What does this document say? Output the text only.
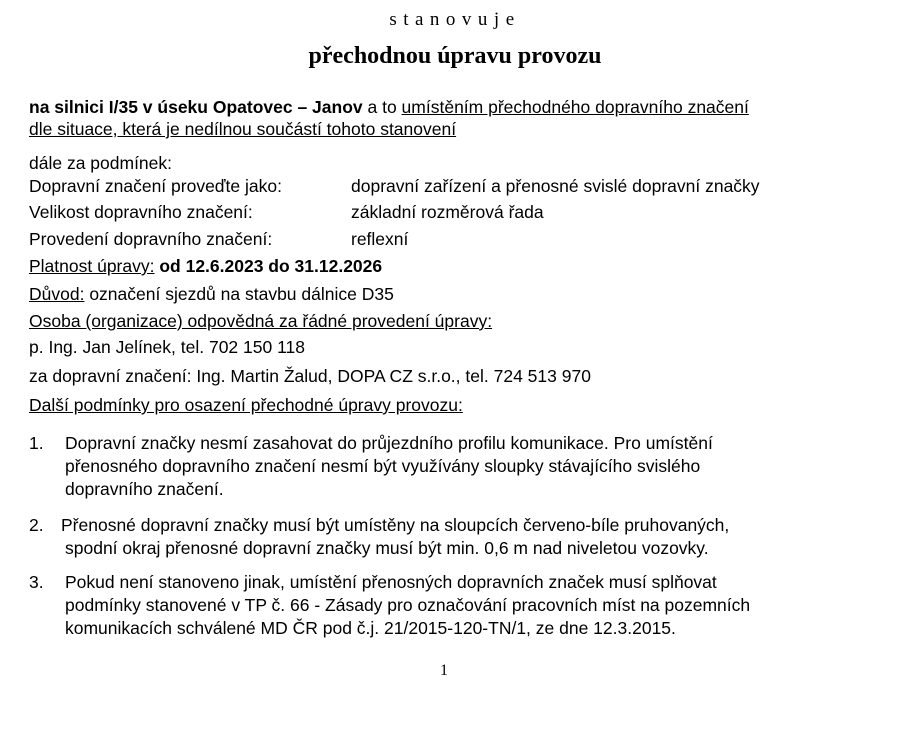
stanovuje
přechodnou úpravu provozu
na silnici I/35 v úseku Opatovec – Janov a to umístěním přechodného dopravního značení
dle situace, která je nedílnou součástí tohoto stanovení
dále za podmínek:
Dopravní značení proveďte jako:	dopravní zařízení a přenosné svislé dopravní značky
Velikost dopravního značení:	základní rozměrová řada
Provedení dopravního značení:	reflexní
Platnost úpravy: od 12.6.2023 do 31.12.2026
Důvod: označení sjezdů na stavbu dálnice D35
Osoba (organizace) odpovědná za řádné provedení úpravy:
p. Ing. Jan Jelínek, tel. 702 150 118
za dopravní značení: Ing. Martin Žalud, DOPA CZ s.r.o., tel. 724 513 970
Další podmínky pro osazení přechodné úpravy provozu:
1. Dopravní značky nesmí zasahovat do průjezdního profilu komunikace. Pro umístění
přenosného dopravního značení nesmí být využívány sloupky stávajícího svislého
dopravního značení.
2. Přenosné dopravní značky musí být umístěny na sloupcích červeno-bíle pruhovaných,
spodní okraj přenosné dopravní značky musí být min. 0,6 m nad niveletou vozovky.
3. Pokud není stanoveno jinak, umístění přenosných dopravních značek musí splňovat
podmínky stanovené v TP č. 66 - Zásady pro označování pracovních míst na pozemních
komunikacích schválené MD ČR pod č.j. 21/2015-120-TN/1, ze dne 12.3.2015.
1
